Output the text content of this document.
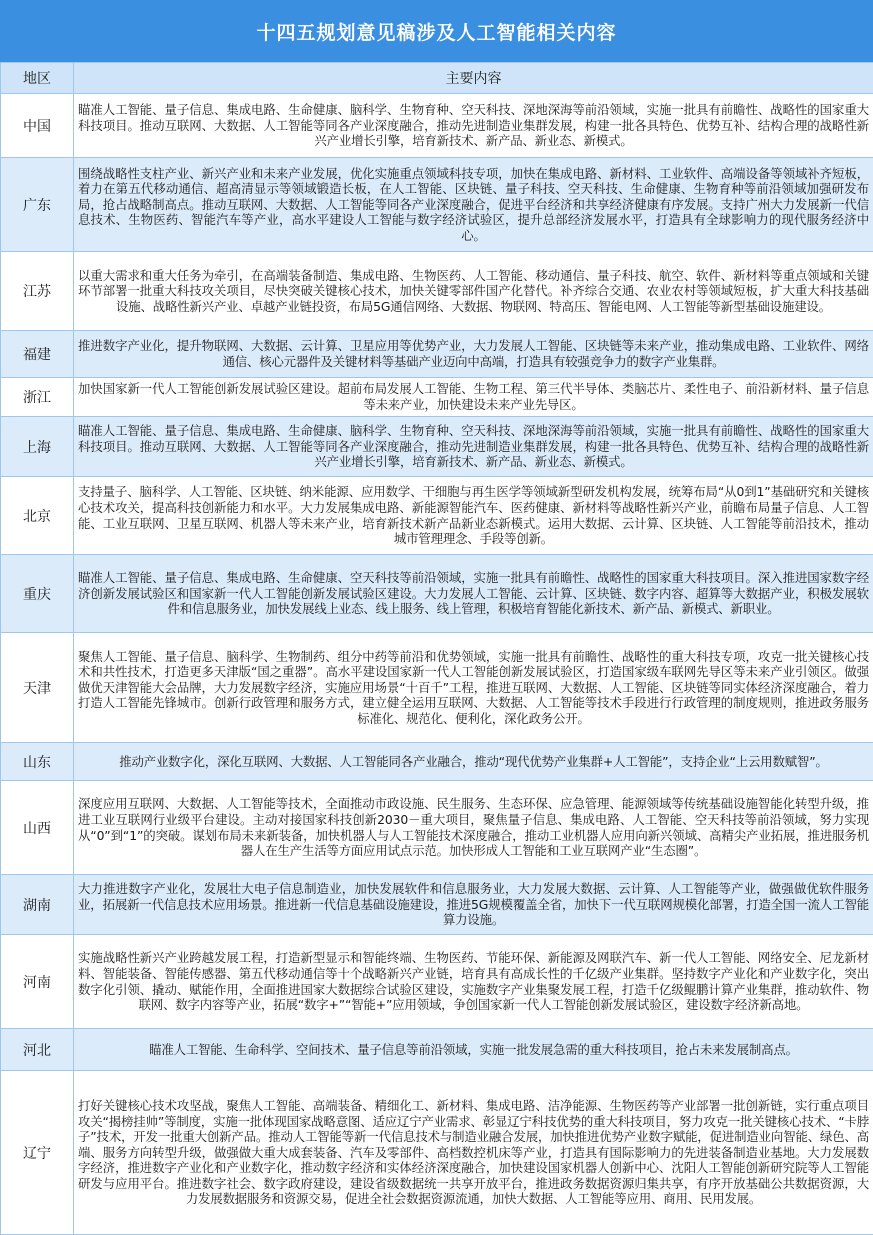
十四五规划意见稿涉及人工智能相关内容
地区	主要内容
中国	瞄准人工智能、量子信息、集成电路、生命健康、脑科学、生物育种、空天科技、深地深海等前沿领域，实施一批具有前瞻性、战略性的国家重大科技项目。推动互联网、大数据、人工智能等同各产业深度融合，推动先进制造业集群发展，构建一批各具特色、优势互补、结构合理的战略性新兴产业增长引擎，培育新技术、新产品、新业态、新模式。
广东	围绕战略性支柱产业、新兴产业和未来产业发展，优化实施重点领域科技专项，加快在集成电路、新材料、工业软件、高端设备等领域补齐短板，着力在第五代移动通信、超高清显示等领域锻造长板，在人工智能、区块链、量子科技、空天科技、生命健康、生物育种等前沿领域加强研发布局，抢占战略制高点。推动互联网、大数据、人工智能等同各产业深度融合，促进平台经济和共享经济健康有序发展。支持广州大力发展新一代信息技术、生物医药、智能汽车等产业，高水平建设人工智能与数字经济试验区，提升总部经济发展水平，打造具有全球影响力的现代服务经济中心。
江苏	以重大需求和重大任务为牵引，在高端装备制造、集成电路、生物医药、人工智能、移动通信、量子科技、航空、软件、新材料等重点领域和关键环节部署一批重大科技攻关项目，尽快突破关键核心技术，加快关键零部件国产化替代。补齐综合交通、农业农村等领域短板，扩大重大科技基础设施、战略性新兴产业、卓越产业链投资，布局5G通信网络、大数据、物联网、特高压、智能电网、人工智能等新型基础设施建设。
福建	推进数字产业化，提升物联网、大数据、云计算、卫星应用等优势产业，大力发展人工智能、区块链等未来产业，推动集成电路、工业软件、网络通信、核心元器件及关键材料等基础产业迈向中高端，打造具有较强竞争力的数字产业集群。
浙江	加快国家新一代人工智能创新发展试验区建设。超前布局发展人工智能、生物工程、第三代半导体、类脑芯片、柔性电子、前沿新材料、量子信息等未来产业，加快建设未来产业先导区。
上海	瞄准人工智能、量子信息、集成电路、生命健康、脑科学、生物育种、空天科技、深地深海等前沿领域，实施一批具有前瞻性、战略性的国家重大科技项目。推动互联网、大数据、人工智能等同各产业深度融合，推动先进制造业集群发展，构建一批各具特色、优势互补、结构合理的战略性新兴产业增长引擎，培育新技术、新产品、新业态、新模式。
北京	支持量子、脑科学、人工智能、区块链、纳米能源、应用数学、干细胞与再生医学等领域新型研发机构发展，统筹布局“从0到1”基础研究和关键核心技术攻关，提高科技创新能力和水平。大力发展集成电路、新能源智能汽车、医药健康、新材料等战略性新兴产业，前瞻布局量子信息、人工智能、工业互联网、卫星互联网、机器人等未来产业，培育新技术新产品新业态新模式。运用大数据、云计算、区块链、人工智能等前沿技术，推动城市管理理念、手段等创新。
重庆	瞄准人工智能、量子信息、集成电路、生命健康、空天科技等前沿领域，实施一批具有前瞻性、战略性的国家重大科技项目。深入推进国家数字经济创新发展试验区和国家新一代人工智能创新发展试验区建设。大力发展人工智能、云计算、区块链、数字内容、超算等大数据产业，积极发展软件和信息服务业，加快发展线上业态、线上服务、线上管理，积极培育智能化新技术、新产品、新模式、新职业。
天津	聚焦人工智能、量子信息、脑科学、生物制药、组分中药等前沿和优势领域，实施一批具有前瞻性、战略性的重大科技专项，攻克一批关键核心技术和共性技术，打造更多天津版“国之重器”。高水平建设国家新一代人工智能创新发展试验区，打造国家级车联网先导区等未来产业引领区。做强做优天津智能大会品牌，大力发展数字经济，实施应用场景“十百千”工程，推进互联网、大数据、人工智能、区块链等同实体经济深度融合，着力打造人工智能先锋城市。创新行政管理和服务方式，建立健全运用互联网、大数据、人工智能等技术手段进行行政管理的制度规则，推进政务服务标准化、规范化、便利化，深化政务公开。
山东	推动产业数字化，深化互联网、大数据、人工智能同各产业融合，推动“现代优势产业集群+人工智能”，支持企业“上云用数赋智”。
山西	深度应用互联网、大数据、人工智能等技术，全面推动市政设施、民生服务、生态环保、应急管理、能源领域等传统基础设施智能化转型升级，推进工业互联网行业级平台建设。主动对接国家科技创新2030－重大项目，聚焦量子信息、集成电路、人工智能、空天科技等前沿领域，努力实现从“0”到“1”的突破。谋划布局未来新装备，加快机器人与人工智能技术深度融合，推动工业机器人应用向新兴领域、高精尖产业拓展，推进服务机器人在生产生活等方面应用试点示范。加快形成人工智能和工业互联网产业“生态圈”。
湖南	大力推进数字产业化，发展壮大电子信息制造业，加快发展软件和信息服务业，大力发展大数据、云计算、人工智能等产业，做强做优软件服务业，拓展新一代信息技术应用场景。推进新一代信息基础设施建设，推进5G规模覆盖全省，加快下一代互联网规模化部署，打造全国一流人工智能算力设施。
河南	实施战略性新兴产业跨越发展工程，打造新型显示和智能终端、生物医药、节能环保、新能源及网联汽车、新一代人工智能、网络安全、尼龙新材料、智能装备、智能传感器、第五代移动通信等十个战略新兴产业链，培育具有高成长性的千亿级产业集群。坚持数字产业化和产业数字化，突出数字化引领、撬动、赋能作用，全面推进国家大数据综合试验区建设，实施数字产业集聚发展工程，打造千亿级鲲鹏计算产业集群，推动软件、物联网、数字内容等产业，拓展“数字+”“智能+”应用领域，争创国家新一代人工智能创新发展试验区，建设数字经济新高地。
河北	瞄准人工智能、生命科学、空间技术、量子信息等前沿领域，实施一批发展急需的重大科技项目，抢占未来发展制高点。
辽宁	打好关键核心技术攻坚战，聚焦人工智能、高端装备、精细化工、新材料、集成电路、洁净能源、生物医药等产业部署一批创新链，实行重点项目攻关“揭榜挂帅”等制度，实施一批体现国家战略意图、适应辽宁产业需求、彰显辽宁科技优势的重大科技项目，努力攻克一批关键核心技术、“卡脖子”技术，开发一批重大创新产品。推动人工智能等新一代信息技术与制造业融合发展，加快推进优势产业数字赋能，促进制造业向智能、绿色、高端、服务方向转型升级，做强做大重大成套装备、汽车及零部件、高档数控机床等产业，打造具有国际影响力的先进装备制造业基地。大力发展数字经济，推进数字产业化和产业数字化，推动数字经济和实体经济深度融合，加快建设国家机器人创新中心、沈阳人工智能创新研究院等人工智能研发与应用平台。推进数字社会、数字政府建设，建设省级数据统一共享开放平台，推进政务数据资源归集共享，有序开放基础公共数据资源，大力发展数据服务和资源交易，促进全社会数据资源流通，加快大数据、人工智能等应用、商用、民用发展。
